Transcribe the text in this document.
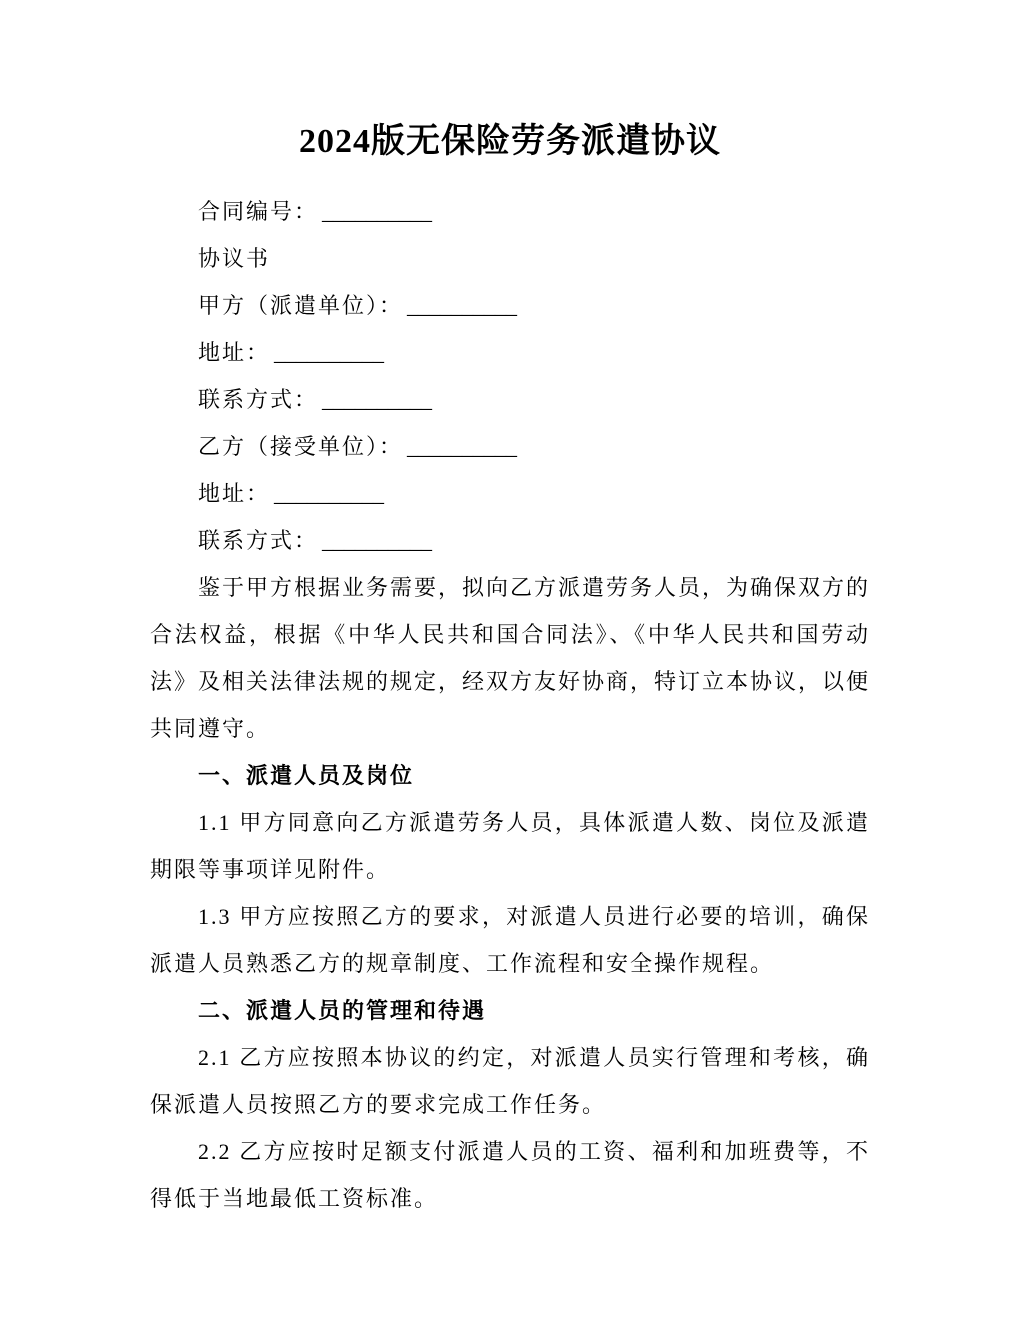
2024版无保险劳务派遣协议

合同编号： __________

协议书

甲方（派遣单位）： __________

地址： __________

联系方式： __________

乙方（接受单位）： __________

地址： __________

联系方式： __________

鉴于甲方根据业务需要，拟向乙方派遣劳务人员，为确保双方的合法权益，根据《中华人民共和国合同法》、《中华人民共和国劳动法》及相关法律法规的规定，经双方友好协商，特订立本协议，以便共同遵守。

一、派遣人员及岗位

1.1 甲方同意向乙方派遣劳务人员，具体派遣人数、岗位及派遣期限等事项详见附件。

1.3 甲方应按照乙方的要求，对派遣人员进行必要的培训，确保派遣人员熟悉乙方的规章制度、工作流程和安全操作规程。

二、派遣人员的管理和待遇

2.1 乙方应按照本协议的约定，对派遣人员实行管理和考核，确保派遣人员按照乙方的要求完成工作任务。

2.2 乙方应按时足额支付派遣人员的工资、福利和加班费等，不得低于当地最低工资标准。
